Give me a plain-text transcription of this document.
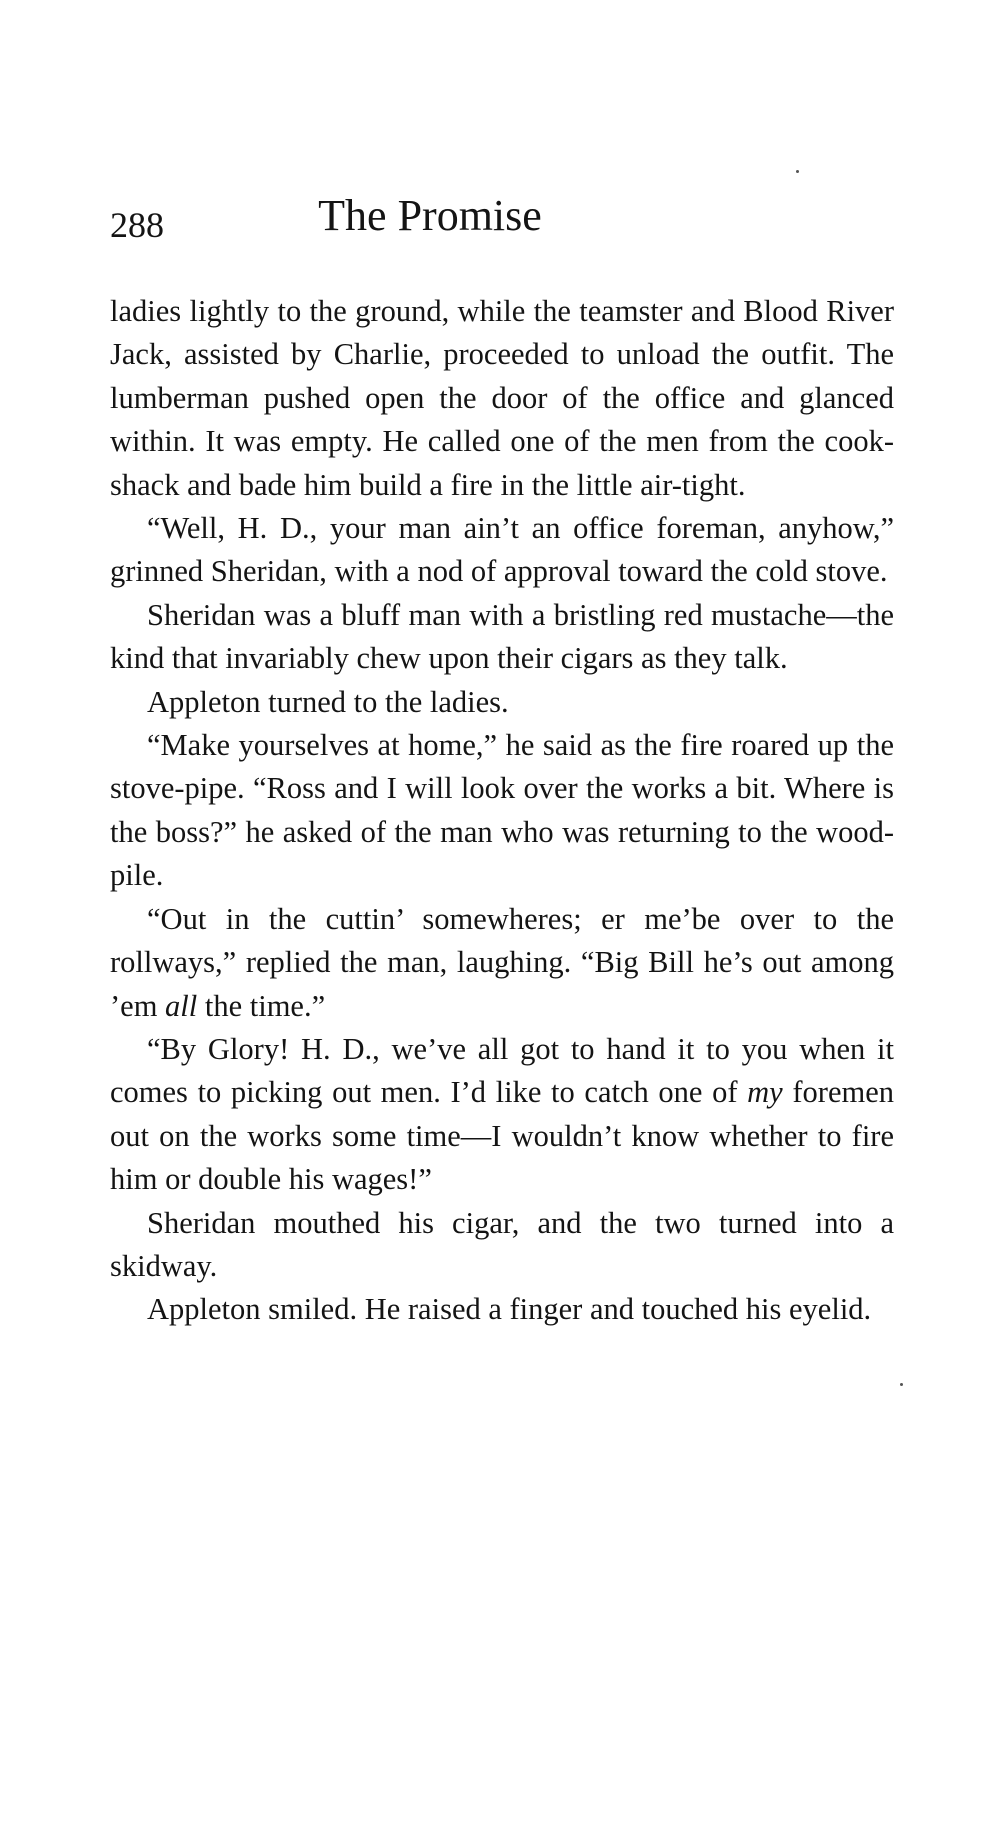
288	The Promise

ladies lightly to the ground, while the teamster and Blood River Jack, assisted by Charlie, proceeded to unload the outfit. The lumberman pushed open the door of the office and glanced within. It was empty. He called one of the men from the cook-shack and bade him build a fire in the little air-tight.

“Well, H. D., your man ain’t an office foreman, anyhow,” grinned Sheridan, with a nod of approval toward the cold stove.

Sheridan was a bluff man with a bristling red mustache—the kind that invariably chew upon their cigars as they talk.

Appleton turned to the ladies.

“Make yourselves at home,” he said as the fire roared up the stove-pipe. “Ross and I will look over the works a bit. Where is the boss?” he asked of the man who was returning to the wood-pile.

“Out in the cuttin’ somewheres; er me’be over to the rollways,” replied the man, laughing. “Big Bill he’s out among ’em all the time.”

“By Glory! H. D., we’ve all got to hand it to you when it comes to picking out men. I’d like to catch one of my foremen out on the works some time—I wouldn’t know whether to fire him or double his wages!”

Sheridan mouthed his cigar, and the two turned into a skidway.

Appleton smiled. He raised a finger and touched his eyelid.
